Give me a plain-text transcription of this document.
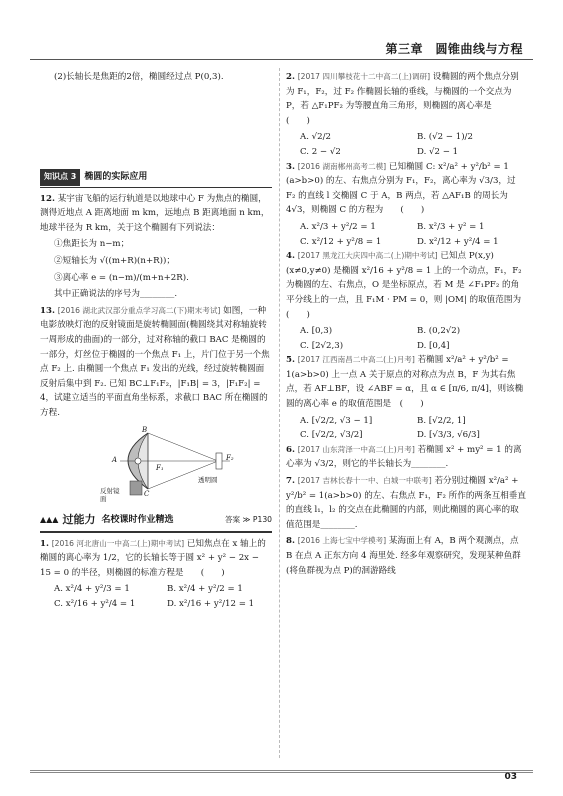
第三章　圆锥曲线与方程

(2)长轴长是焦距的2倍，椭圆经过点 P(0,3).

知识点 3 椭圆的实际应用

12. 某宇宙飞船的运行轨道是以地球中心 F 为焦点的椭圆，测得近地点 A 距离地面 m km，远地点 B 距离地面 n km，地球半径为 R km，关于这个椭圆有下列说法：

①焦距长为 n−m；

②短轴长为 √((m+R)(n+R))；

③离心率 e = (n−m)/(m+n+2R).

其中正确说法的序号为________.

13. [2016 湖北武汉部分重点学习高二(下)期末考试] 如图，一种电影放映灯泡的反射镜面是旋转椭圆面(椭圆绕其对称轴旋转一周形成的曲面)的一部分，过对称轴的截口 BAC 是椭圆的一部分，灯丝位于椭圆的一个焦点 F₁ 上，片门位于另一个焦点 F₂ 上. 由椭圆一个焦点 F₁ 发出的光线，经过旋转椭圆面反射后集中到 F₂. 已知 BC⊥F₁F₂，|F₁B| = 3，|F₁F₂| = 4，试建立适当的平面直角坐标系，求截口 BAC 所在椭圆的方程.

B
A
C
F₁
F₂
反射镜面
透明圆
▲▲▲ 过能力 名校课时作业精选	答案 ≫ P130

1. [2016 河北唐山一中高二(上)期中考试] 已知焦点在 x 轴上的椭圆的离心率为 1/2，它的长轴长等于圆 x² + y² − 2x − 15 = 0 的半径，则椭圆的标准方程是　　(　　)

A. x²/4 + y²/3 = 1	B. x²/4 + y²/2 = 1
C. x²/16 + y²/4 = 1	D. x²/16 + y²/12 = 1

2. [2017 四川攀枝花十二中高二(上)调研] 设椭圆的两个焦点分别为 F₁，F₂，过 F₂ 作椭圆长轴的垂线，与椭圆的一个交点为 P，若 △F₁PF₂ 为等腰直角三角形，则椭圆的离心率是　　　　　(　　)

A. √2/2	B. (√2 − 1)/2
C. 2 − √2	D. √2 − 1

3. [2016 湖南郴州高考二模] 已知椭圆 C: x²/a² + y²/b² = 1 (a>b>0) 的左、右焦点分别为 F₁，F₂，离心率为 √3/3，过 F₂ 的直线 l 交椭圆 C 于 A，B 两点，若 △AF₁B 的周长为 4√3，则椭圆 C 的方程为　　(　　)

A. x²/3 + y²/2 = 1	B. x²/3 + y² = 1
C. x²/12 + y²/8 = 1	D. x²/12 + y²/4 = 1

4. [2017 黑龙江大庆四中高二(上)期中考试] 已知点 P(x,y)(x≠0,y≠0) 是椭圆 x²/16 + y²/8 = 1 上的一个动点，F₁，F₂ 为椭圆的左、右焦点，O 是坐标原点，若 M 是 ∠F₁PF₂ 的角平分线上的一点，且 F₁M · PM = 0，则 |OM| 的取值范围为　　(　　)

A. [0,3)	B. (0,2√2)
C. [2√2,3)	D. [0,4]

5. [2017 江西南昌二中高二(上)月考] 若椭圆 x²/a² + y²/b² = 1(a>b>0) 上一点 A 关于原点的对称点为点 B，F 为其右焦点，若 AF⊥BF，设 ∠ABF = α，且 α ∈ [π/6, π/4]，则该椭圆的离心率 e 的取值范围是　(　　)

A. [√2/2, √3 − 1]	B. [√2/2, 1]
C. [√2/2, √3/2]	D. [√3/3, √6/3]

6. [2017 山东菏泽一中高二(上)月考] 若椭圆 x² + my² = 1 的离心率为 √3/2，则它的半长轴长为________.

7. [2017 吉林长春十一中、白城一中联考] 若分别过椭圆 x²/a² + y²/b² = 1(a>b>0) 的左、右焦点 F₁，F₂ 所作的两条互相垂直的直线 l₁，l₂ 的交点在此椭圆的内部，则此椭圆的离心率的取值范围是________.

8. [2016 上海七宝中学模考] 某海面上有 A，B 两个观测点，点 B 在点 A 正东方向 4 海里处. 经多年观察研究，发现某种鱼群(将鱼群视为点 P)的洄游路线

03
